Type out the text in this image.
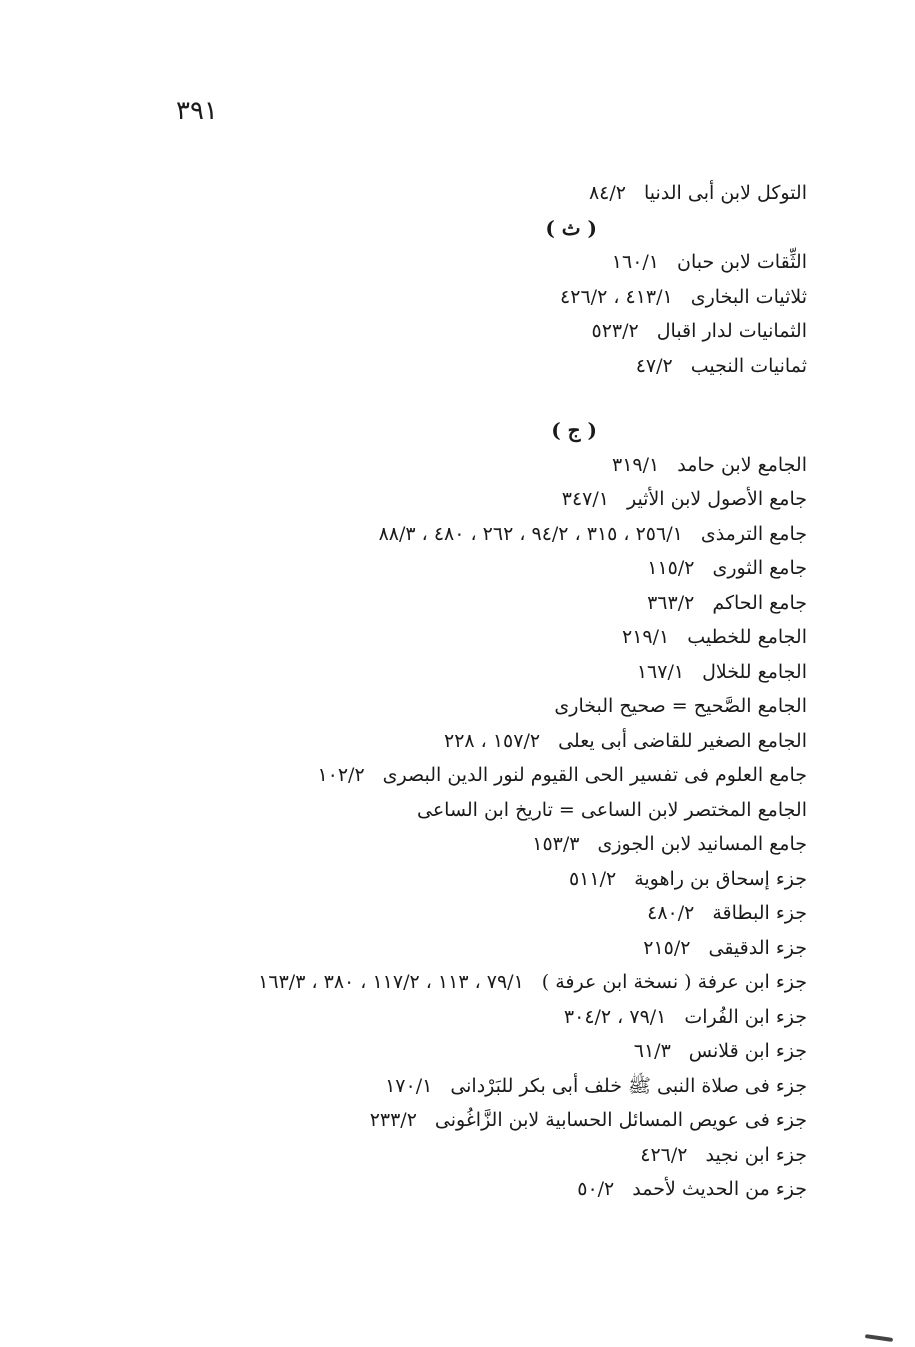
٣٩١
التوكل لابن أبى الدنيا٨٤/٢
( ث )
الثِّقات لابن حبان١٦٠/١
ثلاثيات البخارى٤١٣/١ ، ٤٢٦/٢
الثمانيات لدار اقبال٥٢٣/٢
ثمانيات النجيب٤٧/٢
( ج )
الجامع لابن حامد٣١٩/١
جامع الأصول لابن الأثير٣٤٧/١
جامع الترمذى٢٥٦/١ ، ٣١٥ ، ٩٤/٢ ، ٢٦٢ ، ٤٨٠ ، ٨٨/٣
جامع الثورى١١٥/٢
جامع الحاكم٣٦٣/٢
الجامع للخطيب٢١٩/١
الجامع للخلال١٦٧/١
الجامع الصَّحيح = صحيح البخارى
الجامع الصغير للقاضى أبى يعلى١٥٧/٢ ، ٢٢٨
جامع العلوم فى تفسير الحى القيوم لنور الدين البصرى١٠٢/٢
الجامع المختصر لابن الساعى = تاريخ ابن الساعى
جامع المسانيد لابن الجوزى١٥٣/٣
جزء إسحاق بن راهوية٥١١/٢
جزء البطاقة٤٨٠/٢
جزء الدقيقى٢١٥/٢
جزء ابن عرفة ( نسخة ابن عرفة )٧٩/١ ، ١١٣ ، ١١٧/٢ ، ٣٨٠ ، ١٦٣/٣
جزء ابن الفُرات٧٩/١ ، ٣٠٤/٢
جزء ابن قلانس٦١/٣
جزء فى صلاة النبى ﷺ خلف أبى بكر للبَرْدانى١٧٠/١
جزء فى عويص المسائل الحسابية لابن الزَّاغُونى٢٣٣/٢
جزء ابن نجيد٤٢٦/٢
جزء من الحديث لأحمد٥٠/٢
